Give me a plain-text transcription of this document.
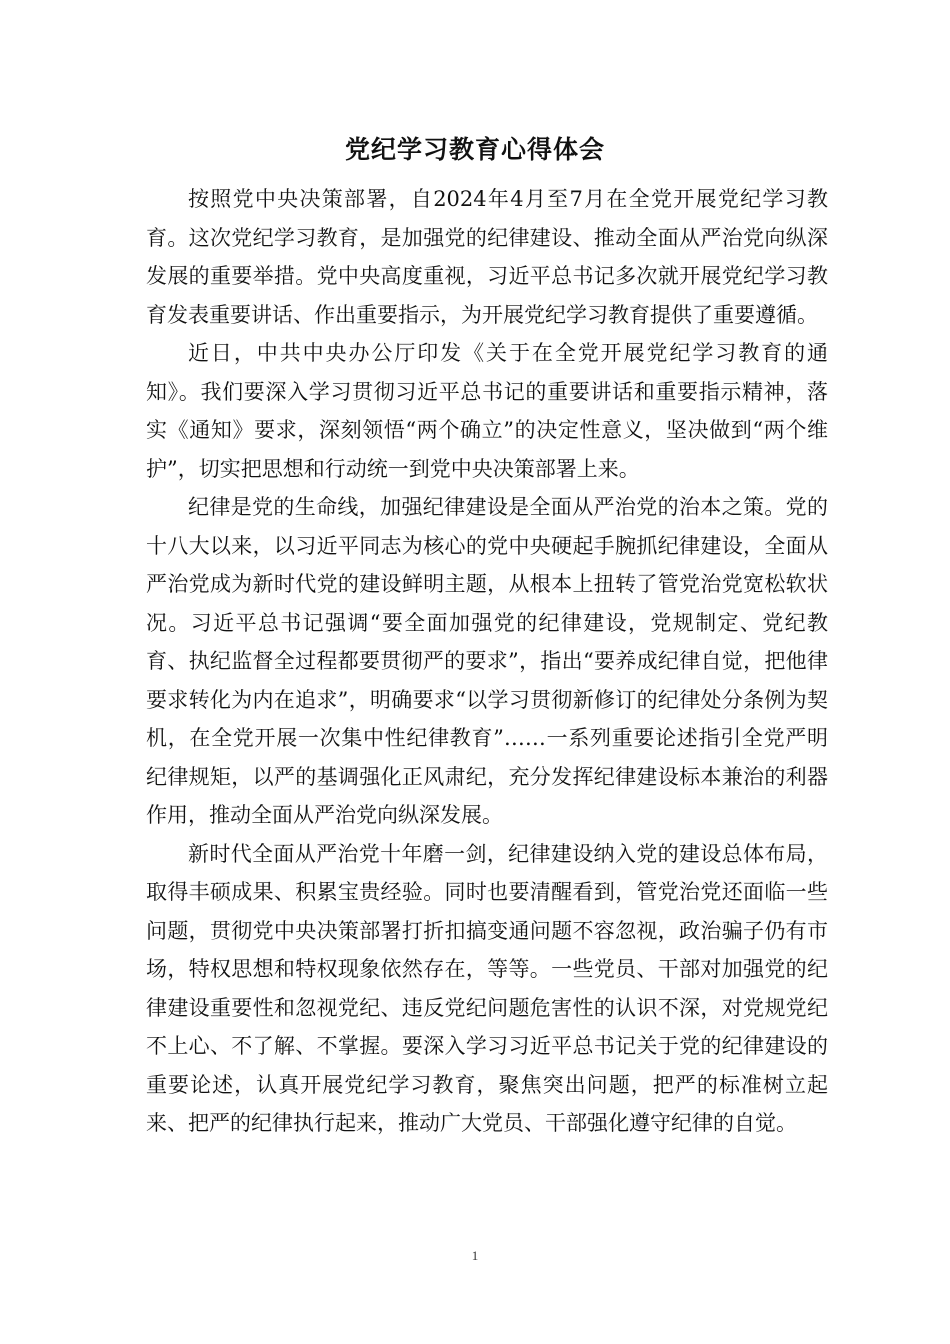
党纪学习教育心得体会

按照党中央决策部署，自2024年4月至7月在全党开展党纪学习教育。这次党纪学习教育，是加强党的纪律建设、推动全面从严治党向纵深发展的重要举措。党中央高度重视，习近平总书记多次就开展党纪学习教育发表重要讲话、作出重要指示，为开展党纪学习教育提供了重要遵循。

近日，中共中央办公厅印发《关于在全党开展党纪学习教育的通知》。我们要深入学习贯彻习近平总书记的重要讲话和重要指示精神，落实《通知》要求，深刻领悟“两个确立”的决定性意义，坚决做到“两个维护”，切实把思想和行动统一到党中央决策部署上来。

纪律是党的生命线，加强纪律建设是全面从严治党的治本之策。党的十八大以来，以习近平同志为核心的党中央硬起手腕抓纪律建设，全面从严治党成为新时代党的建设鲜明主题，从根本上扭转了管党治党宽松软状况。习近平总书记强调“要全面加强党的纪律建设，党规制定、党纪教育、执纪监督全过程都要贯彻严的要求”，指出“要养成纪律自觉，把他律要求转化为内在追求”，明确要求“以学习贯彻新修订的纪律处分条例为契机，在全党开展一次集中性纪律教育”……一系列重要论述指引全党严明纪律规矩，以严的基调强化正风肃纪，充分发挥纪律建设标本兼治的利器作用，推动全面从严治党向纵深发展。

新时代全面从严治党十年磨一剑，纪律建设纳入党的建设总体布局，取得丰硕成果、积累宝贵经验。同时也要清醒看到，管党治党还面临一些问题，贯彻党中央决策部署打折扣搞变通问题不容忽视，政治骗子仍有市场，特权思想和特权现象依然存在，等等。一些党员、干部对加强党的纪律建设重要性和忽视党纪、违反党纪问题危害性的认识不深，对党规党纪不上心、不了解、不掌握。要深入学习习近平总书记关于党的纪律建设的重要论述，认真开展党纪学习教育，聚焦突出问题，把严的标准树立起来、把严的纪律执行起来，推动广大党员、干部强化遵守纪律的自觉。

1
